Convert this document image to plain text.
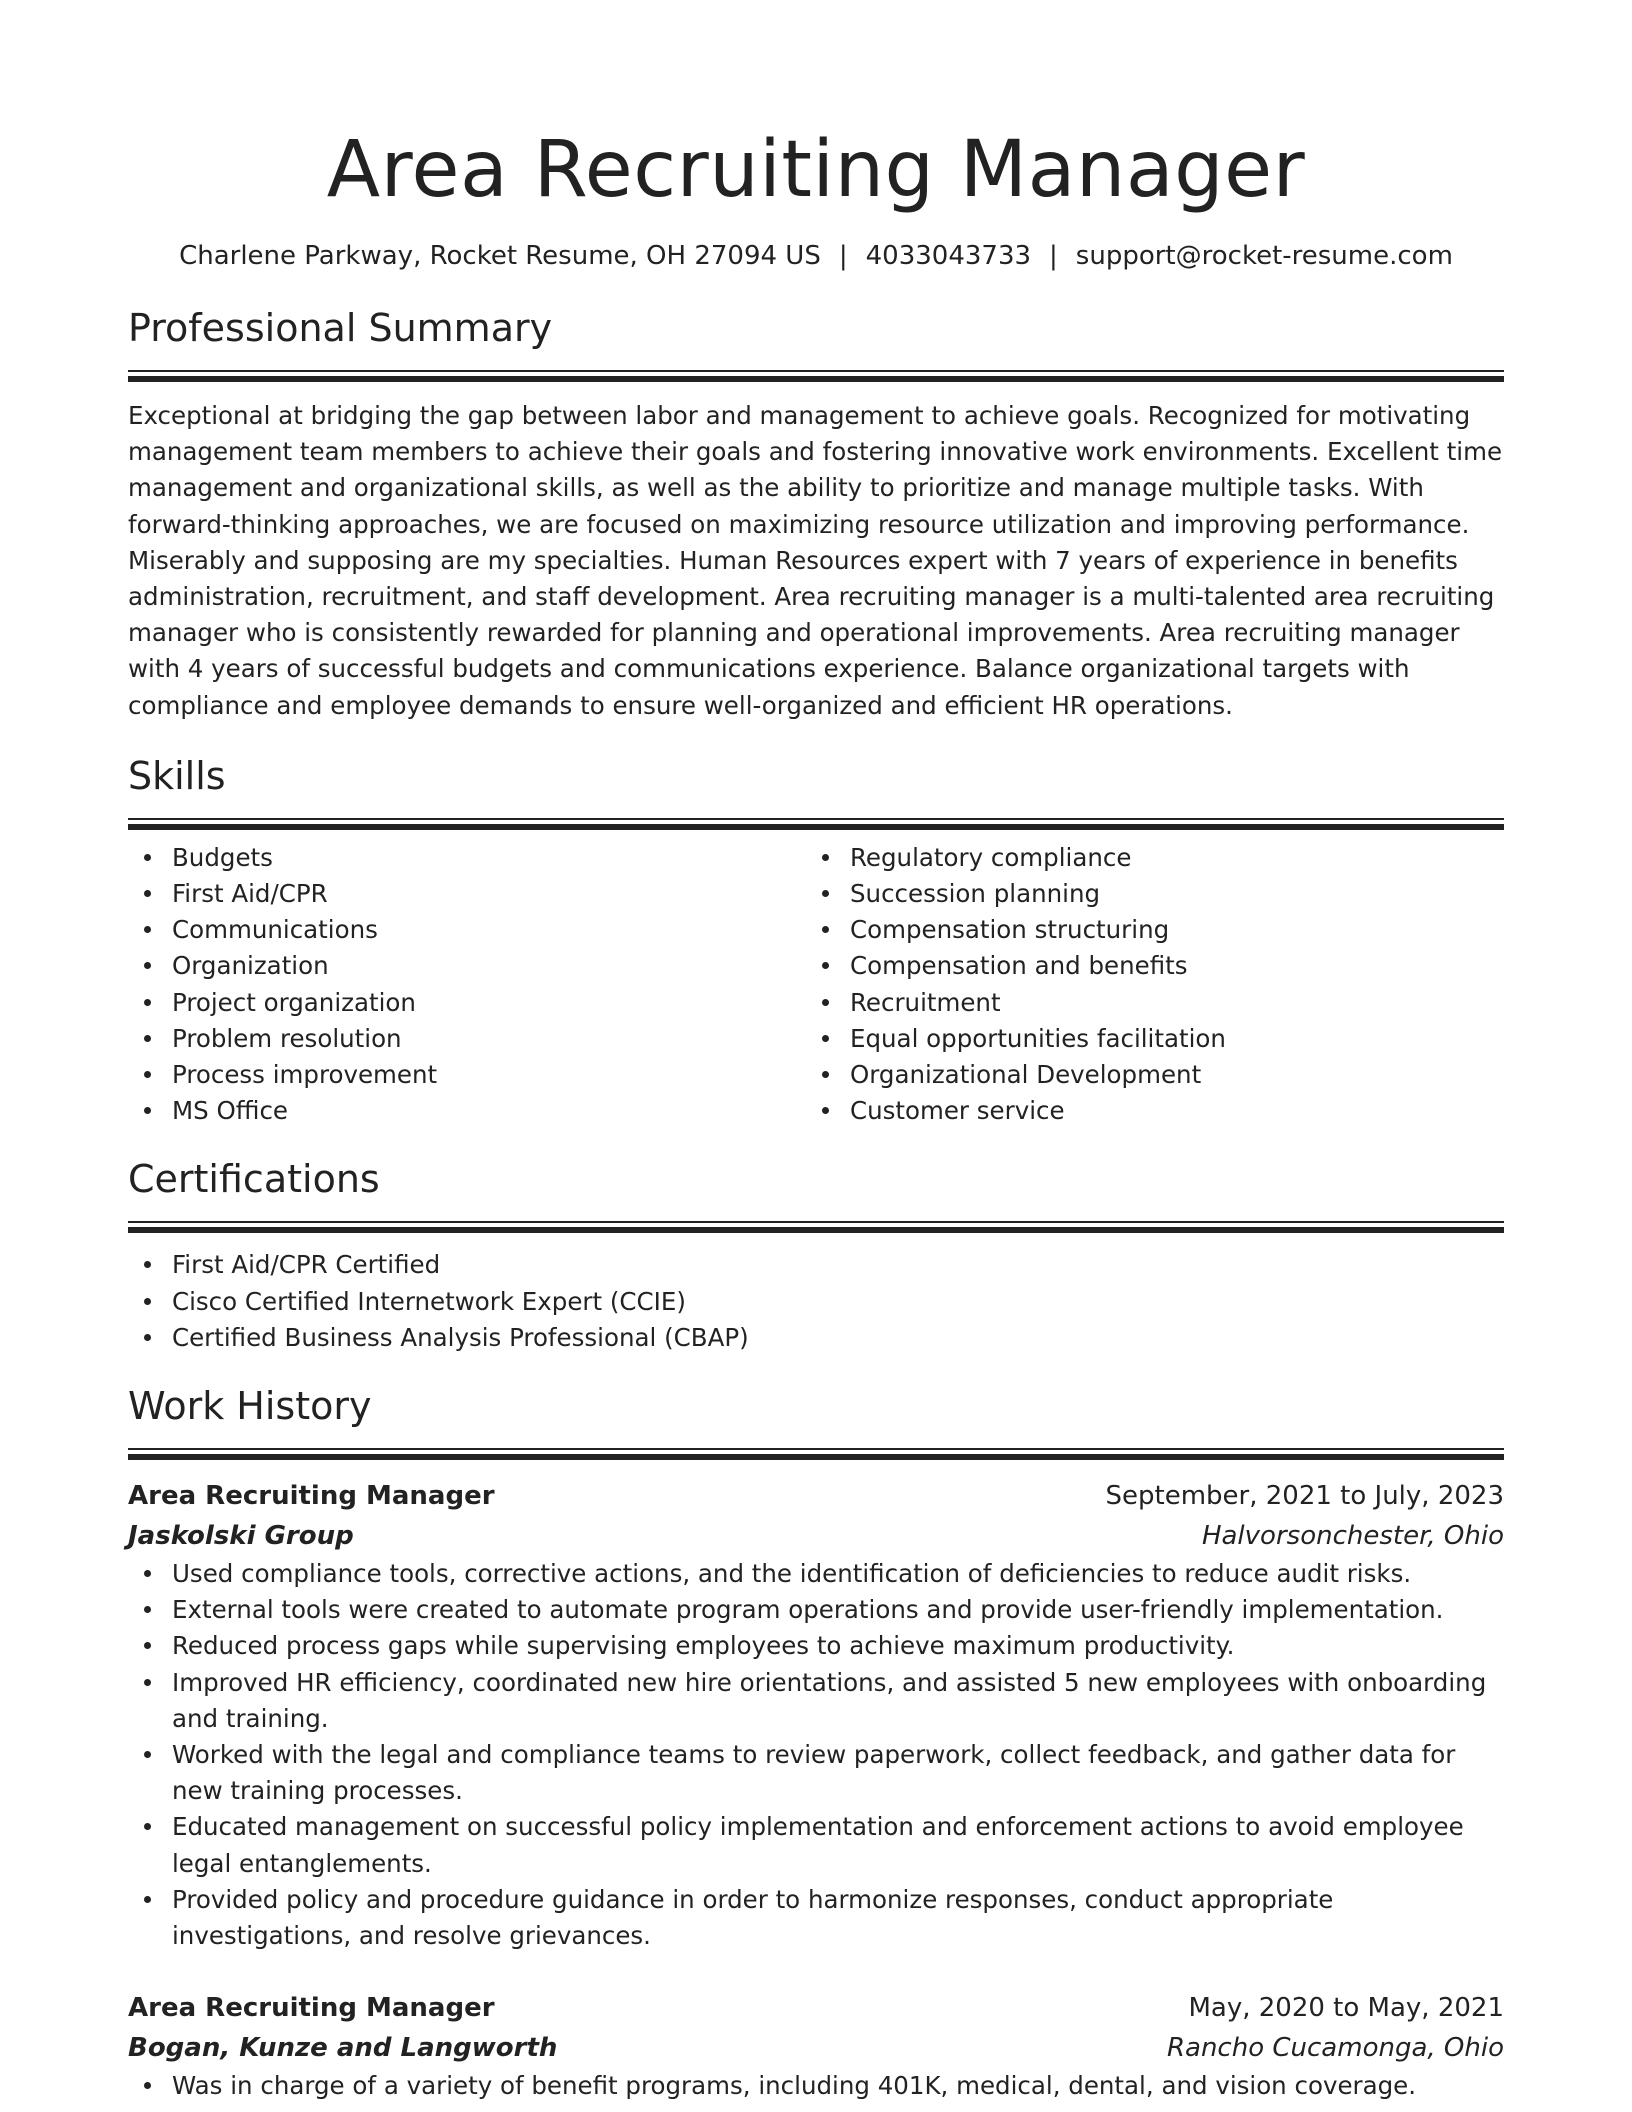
Area Recruiting Manager
Charlene Parkway, Rocket Resume, OH 27094 US | 4033043733 | support@rocket-resume.com
Professional Summary
Exceptional at bridging the gap between labor and management to achieve goals. Recognized for motivating management team members to achieve their goals and fostering innovative work environments. Excellent time management and organizational skills, as well as the ability to prioritize and manage multiple tasks. With forward-thinking approaches, we are focused on maximizing resource utilization and improving performance. Miserably and supposing are my specialties. Human Resources expert with 7 years of experience in benefits administration, recruitment, and staff development. Area recruiting manager is a multi-talented area recruiting manager who is consistently rewarded for planning and operational improvements. Area recruiting manager with 4 years of successful budgets and communications experience. Balance organizational targets with compliance and employee demands to ensure well-organized and efficient HR operations.
Skills
Budgets
First Aid/CPR
Communications
Organization
Project organization
Problem resolution
Process improvement
MS Office
Regulatory compliance
Succession planning
Compensation structuring
Compensation and benefits
Recruitment
Equal opportunities facilitation
Organizational Development
Customer service
Certifications
First Aid/CPR Certified
Cisco Certified Internetwork Expert (CCIE)
Certified Business Analysis Professional (CBAP)
Work History
Area Recruiting Manager	September, 2021 to July, 2023
Jaskolski Group	Halvorsonchester, Ohio
Used compliance tools, corrective actions, and the identification of deficiencies to reduce audit risks.
External tools were created to automate program operations and provide user-friendly implementation.
Reduced process gaps while supervising employees to achieve maximum productivity.
Improved HR efficiency, coordinated new hire orientations, and assisted 5 new employees with onboarding and training.
Worked with the legal and compliance teams to review paperwork, collect feedback, and gather data for new training processes.
Educated management on successful policy implementation and enforcement actions to avoid employee legal entanglements.
Provided policy and procedure guidance in order to harmonize responses, conduct appropriate investigations, and resolve grievances.
Area Recruiting Manager	May, 2020 to May, 2021
Bogan, Kunze and Langworth	Rancho Cucamonga, Ohio
Was in charge of a variety of benefit programs, including 401K, medical, dental, and vision coverage.
